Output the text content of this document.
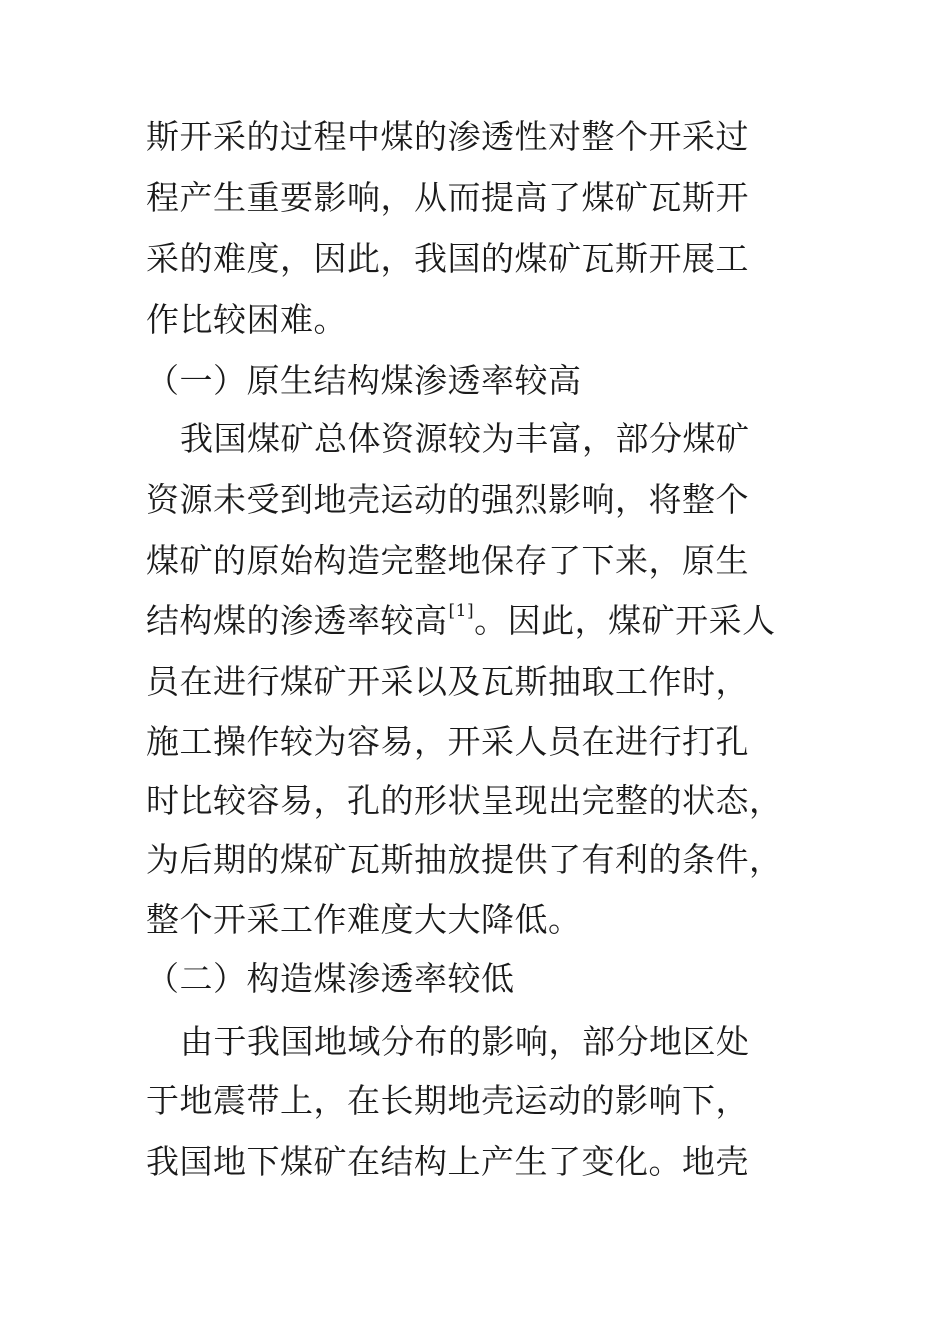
斯开采的过程中煤的渗透性对整个开采过
程产生重要影响，从而提高了煤矿瓦斯开
采的难度，因此，我国的煤矿瓦斯开展工
作比较困难。
（一）原生结构煤渗透率较高
我国煤矿总体资源较为丰富，部分煤矿
资源未受到地壳运动的强烈影响，将整个
煤矿的原始构造完整地保存了下来，原生
结构煤的渗透率较高[1]。因此，煤矿开采人
员在进行煤矿开采以及瓦斯抽取工作时，
施工操作较为容易，开采人员在进行打孔
时比较容易，孔的形状呈现出完整的状态，
为后期的煤矿瓦斯抽放提供了有利的条件，
整个开采工作难度大大降低。
（二）构造煤渗透率较低
由于我国地域分布的影响，部分地区处
于地震带上，在长期地壳运动的影响下，
我国地下煤矿在结构上产生了变化。地壳
